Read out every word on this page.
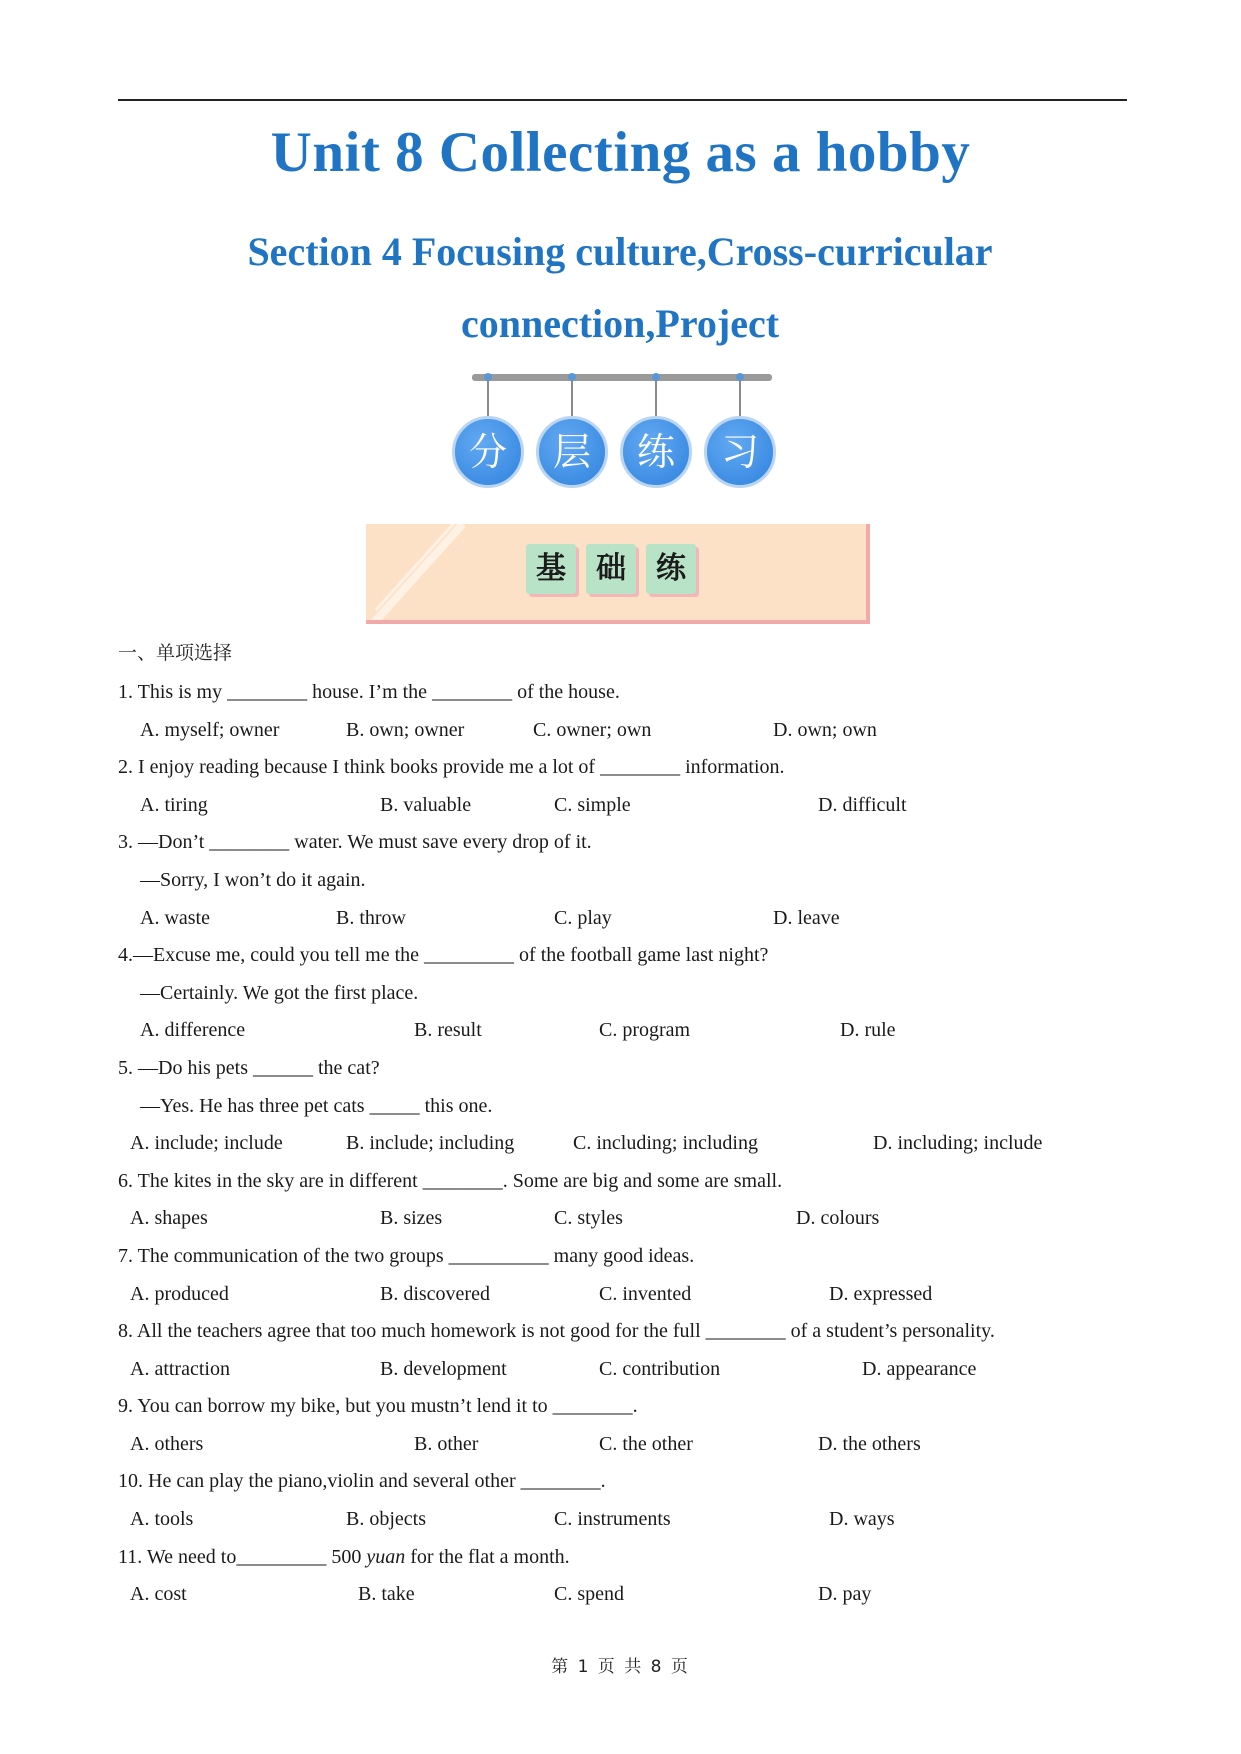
Unit 8 Collecting as a hobby
Section 4 Focusing culture,Cross-curricular connection,Project
分	层	练	习
基	础	练
一、单项选择
1. This is my ________ house. I’m the ________ of the house.
A. myself; owner	B. own; owner	C. owner; own	D. own; own
2. I enjoy reading because I think books provide me a lot of ________ information.
A. tiring	B. valuable	C. simple	D. difficult
3. —Don’t ________ water. We must save every drop of it.
—Sorry, I won’t do it again.
A. waste	B. throw	C. play	D. leave
4.—Excuse me, could you tell me the _________ of the football game last night?
—Certainly. We got the first place.
A. difference	B. result	C. program	D. rule
5. —Do his pets ______ the cat?
—Yes. He has three pet cats _____ this one.
A. include; include	B. include; including	C. including; including	D. including; include
6. The kites in the sky are in different ________. Some are big and some are small.
A. shapes	B. sizes	C. styles	D. colours
7. The communication of the two groups __________ many good ideas.
A. produced	B. discovered	C. invented	D. expressed
8. All the teachers agree that too much homework is not good for the full ________ of a student’s personality.
A. attraction	B. development	C. contribution	D. appearance
9. You can borrow my bike, but you mustn’t lend it to ________.
A. others	B. other	C. the other	D. the others
10. He can play the piano,violin and several other ________.
A. tools	B. objects	C. instruments	D. ways
11. We need to_________ 500 yuan for the flat a month.
A. cost	B. take	C. spend	D. pay
第 1 页 共 8 页
